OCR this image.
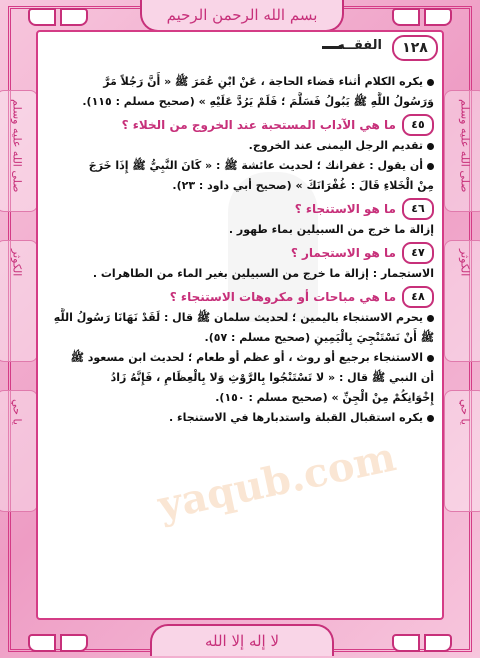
بسم الله الرحمن الرحيم
لا إله إلا الله
صلى الله عليه وسلم
الكوثر
يا حي
صلى الله عليه وسلم
الكوثر
يا حي
١٢٨
الفقــه
يكره الكلام أثناء قضاء الحاجة ، عَنْ ابْنِ عُمَرَ ﷺ « أَنَّ رَجُلاً مَرَّ
وَرَسُولُ اللَّهِ ﷺ يَبُولُ فَسَلَّمَ ؛ فَلَمْ يَرُدَّ عَلَيْهِ » (صحيح مسلم : ١١٥).
٤٥
ما هي الآداب المستحبة عند الخروج من الخلاء ؟
تقديم الرجل اليمنى عند الخروج.
أن يقول : غفرانك ؛ لحديث عائشة ﷺ : « كَانَ النَّبِيُّ ﷺ إِذَا خَرَجَ
مِنْ الْخَلاءِ قَالَ : غُفْرَانَكَ » (صحيح أبي داود : ٢٣).
٤٦
ما هو الاستنجاء ؟
إزالة ما خرج من السبيلين بماء طهور .
٤٧
ما هو الاستجمار ؟
الاستجمار : إزالة ما خرج من السبيلين بغير الماء من الطاهرات .
٤٨
ما هي مباحات أو مكروهات الاستنجاء ؟
يحرم الاستنجاء باليمين ؛ لحديث سلمان ﷺ قال : لَقَدْ نَهَانَا رَسُولُ اللَّهِ
ﷺ أَنْ نَسْتَنْجِيَ بِالْيَمِينِ (صحيح مسلم : ٥٧).
الاستنجاء برجيع أو روث ، أو عظم أو طعام ؛ لحديث ابن مسعود ﷺ
أن النبي ﷺ قال : « لا تَسْتَنْجُوا بِالرَّوْثِ وَلا بِالْعِظَامِ ، فَإِنَّهُ زَادُ
إِخْوَانِكُمْ مِنْ الْجِنِّ » (صحيح مسلم : ١٥٠).
يكره استقبال القبلة واستدبارها في الاستنجاء .
yaqub.com
